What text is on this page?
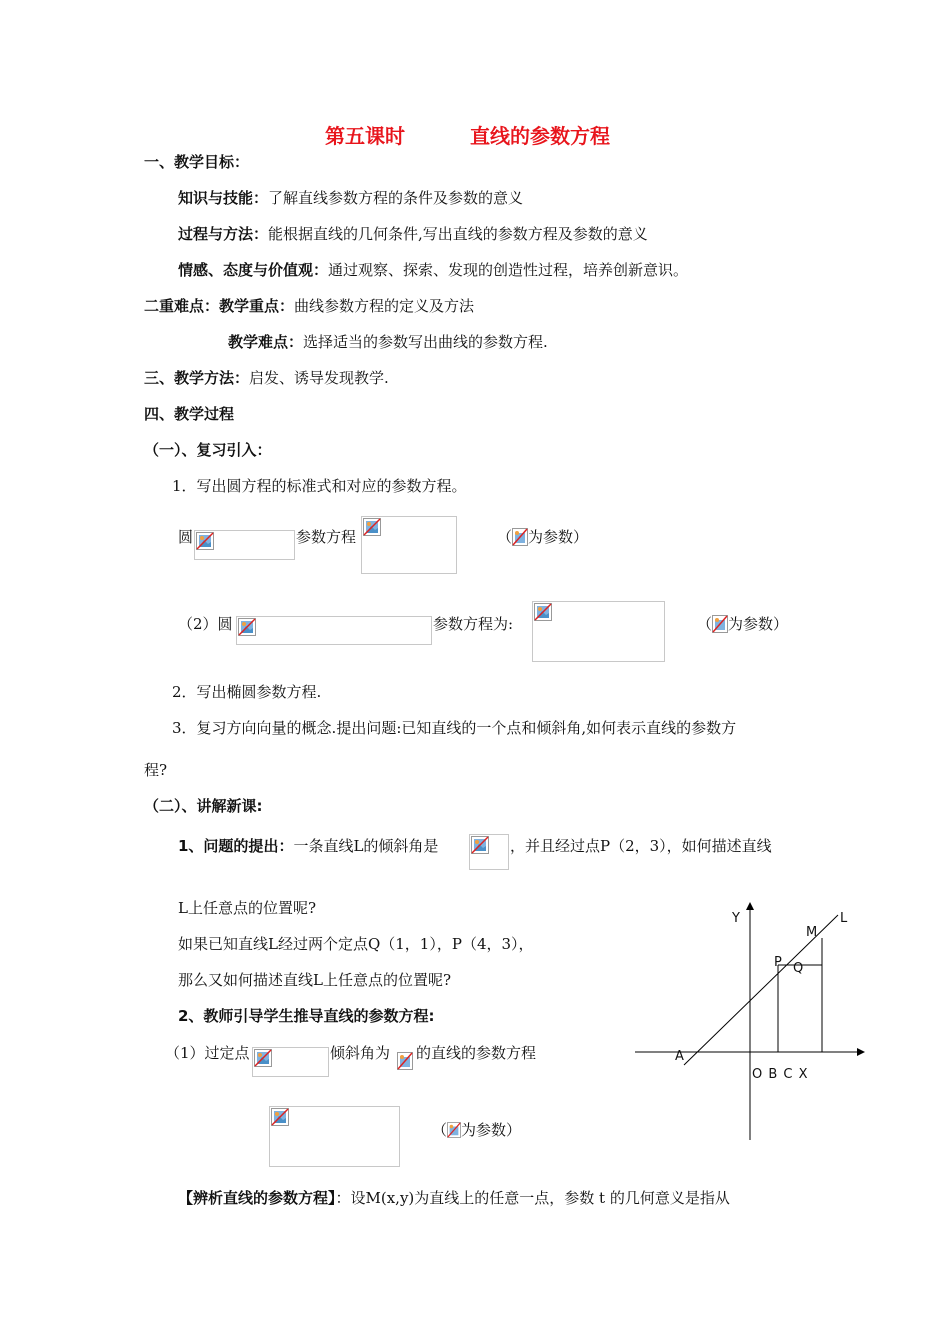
第五课时	直线的参数方程
一、教学目标：
知识与技能：了解直线参数方程的条件及参数的意义
过程与方法：能根据直线的几何条件,写出直线的参数方程及参数的意义
情感、态度与价值观：通过观察、探索、发现的创造性过程，培养创新意识。
二重难点：教学重点：曲线参数方程的定义及方法
教学难点：选择适当的参数写出曲线的参数方程.
三、教学方法：启发、诱导发现教学.
四、教学过程
（一）、复习引入：
1．写出圆方程的标准式和对应的参数方程。
圆	参数方程	（ 为参数）
（2）圆	参数方程为:	（ 为参数）
2．写出椭圆参数方程.
3．复习方向向量的概念.提出问题:已知直线的一个点和倾斜角,如何表示直线的参数方
程?
（二）、讲解新课:
1、问题的提出：一条直线L的倾斜角是	，并且经过点P（2，3），如何描述直线
L上任意点的位置呢?
如果已知直线L经过两个定点Q（1，1），P（4，3），
那么又如何描述直线L上任意点的位置呢?
2、教师引导学生推导直线的参数方程:
（1）过定点	倾斜角为 的直线的参数方程
（ 为参数）
【辨析直线的参数方程】：设M(x,y)为直线上的任意一点，参数 t 的几何意义是指从
Y	L
M
P Q
A
O B C X
